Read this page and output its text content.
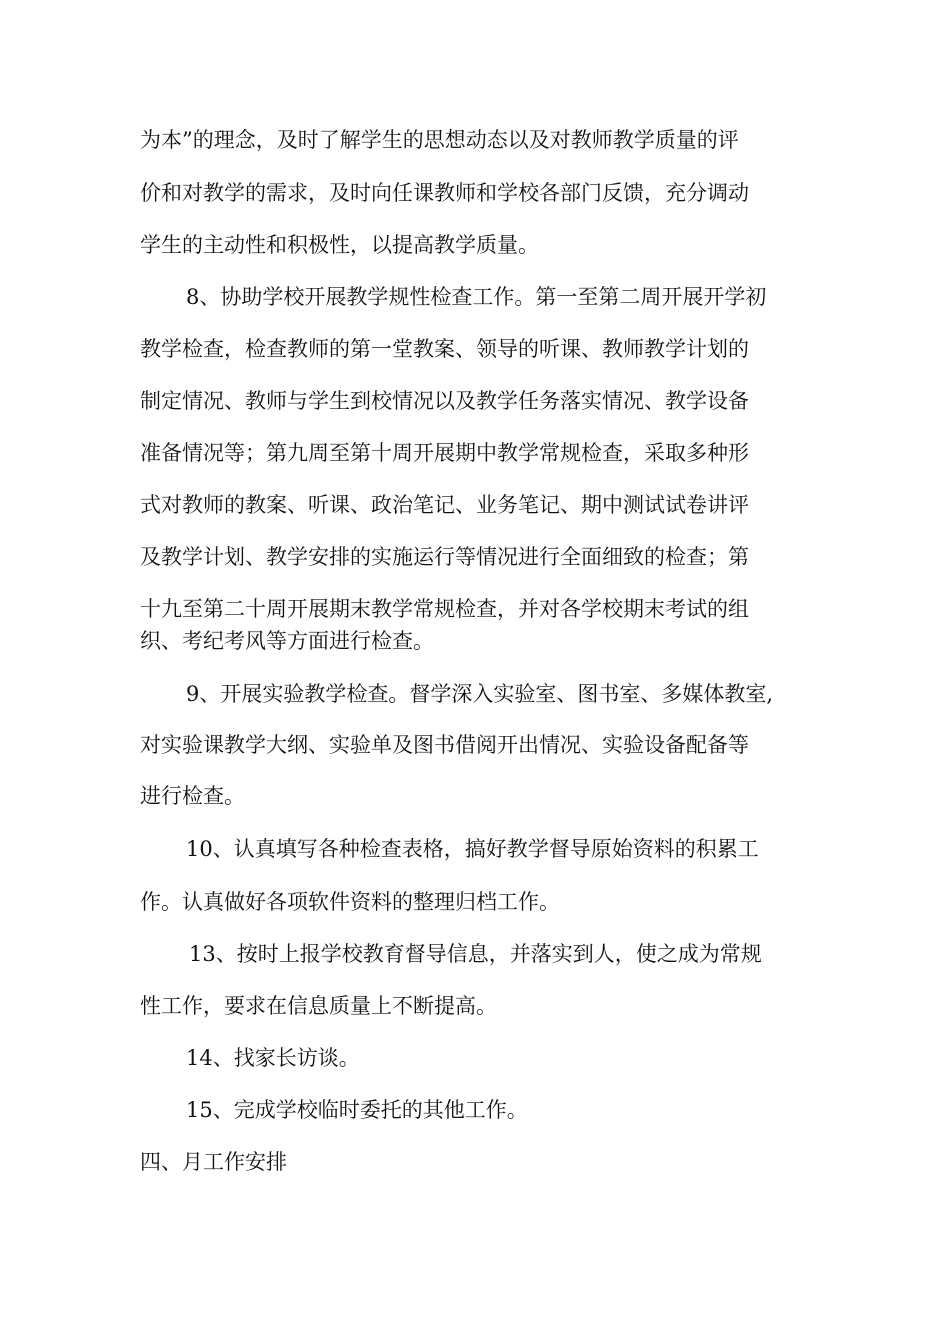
为本”的理念，及时了解学生的思想动态以及对教师教学质量的评
价和对教学的需求，及时向任课教师和学校各部门反馈，充分调动
学生的主动性和积极性，以提高教学质量。
8、协助学校开展教学规性检查工作。第一至第二周开展开学初
教学检查，检查教师的第一堂教案、领导的听课、教师教学计划的
制定情况、教师与学生到校情况以及教学任务落实情况、教学设备
准备情况等；第九周至第十周开展期中教学常规检查，采取多种形
式对教师的教案、听课、政治笔记、业务笔记、期中测试试卷讲评
及教学计划、教学安排的实施运行等情况进行全面细致的检查；第
十九至第二十周开展期末教学常规检查，并对各学校期末考试的组
织、考纪考风等方面进行检查。
9、开展实验教学检查。督学深入实验室、图书室、多媒体教室,
对实验课教学大纲、实验单及图书借阅开出情况、实验设备配备等
进行检查。
10、认真填写各种检查表格，搞好教学督导原始资料的积累工
作。认真做好各项软件资料的整理归档工作。
13、按时上报学校教育督导信息，并落实到人，使之成为常规
性工作，要求在信息质量上不断提高。
14、找家长访谈。
15、完成学校临时委托的其他工作。
四、月工作安排
